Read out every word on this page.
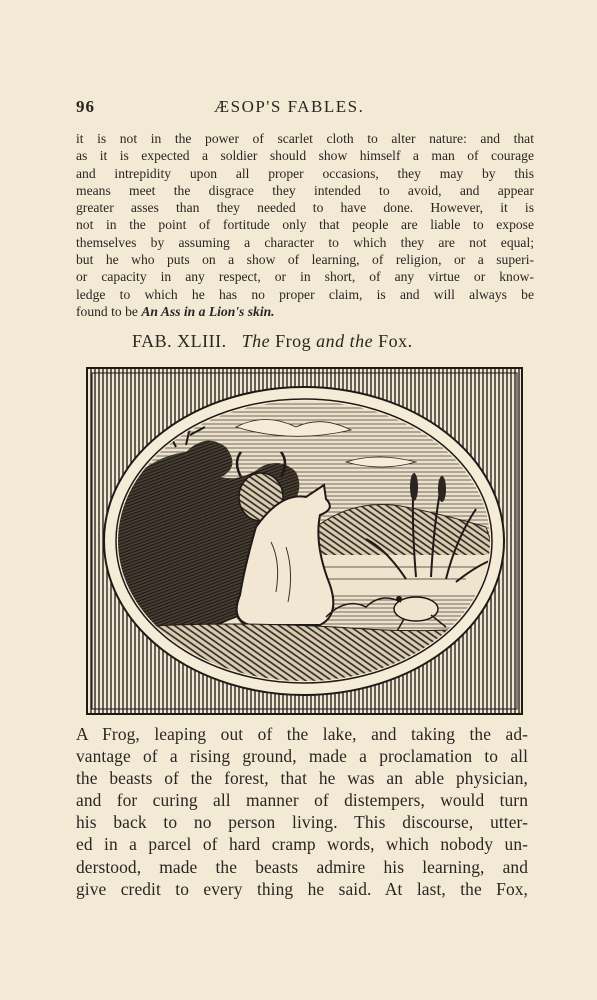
96	ÆSOP'S FABLES.
it is not in the power of scarlet cloth to alter nature: and that
as it is expected a soldier should show himself a man of courage
and intrepidity upon all proper occasions, they may by this
means meet the disgrace they intended to avoid, and appear
greater asses than they needed to have done. However, it is
not in the point of fortitude only that people are liable to expose
themselves by assuming a character to which they are not equal;
but he who puts on a show of learning, of religion, or a superi-
or capacity in any respect, or in short, of any virtue or know-
ledge to which he has no proper claim, is and will always be
found to be An Ass in a Lion's skin.
FAB. XLIII. The Frog and the Fox.
A Frog, leaping out of the lake, and taking the ad-
vantage of a rising ground, made a proclamation to all
the beasts of the forest, that he was an able physician,
and for curing all manner of distempers, would turn
his back to no person living. This discourse, utter-
ed in a parcel of hard cramp words, which nobody un-
derstood, made the beasts admire his learning, and
give credit to every thing he said. At last, the Fox,
